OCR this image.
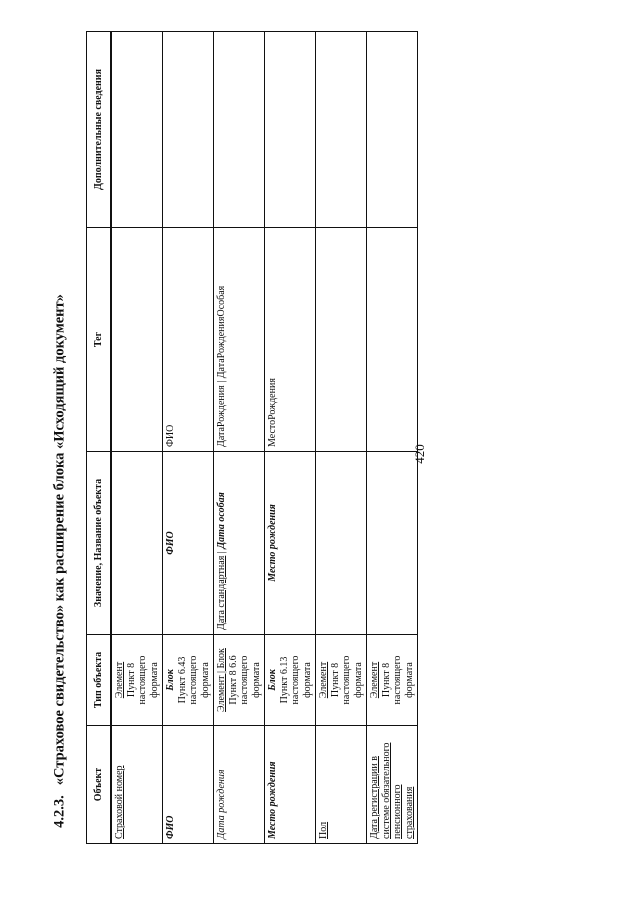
420
4.2.3.«Страховое свидетельство» как расширение блока «Исходящий документ»	Объект	Тип объекта	Значение, Название объекта	Тег	Дополнительные сведения
Страховой номер	Элемент Пункт 8 настоящего формата			

ФИО	Блок Пункт 6.43 настоящего формата	ФИО	ФИО	
Дата рождения	Элемент | Блок Пункт 8 6.6 настоящего формата	Дата стандартная | Дата особая	ДатаРождения | ДатаРожденияОсобая	
Место рождения	Блок Пункт 6.13 настоящего формата	Место рождения	МестоРождения	
Пол	Элемент Пункт 8 настоящего формата			

Дата регистрации в системе обязательного пенсионного страхования	Элемент Пункт 8 настоящего формата			
